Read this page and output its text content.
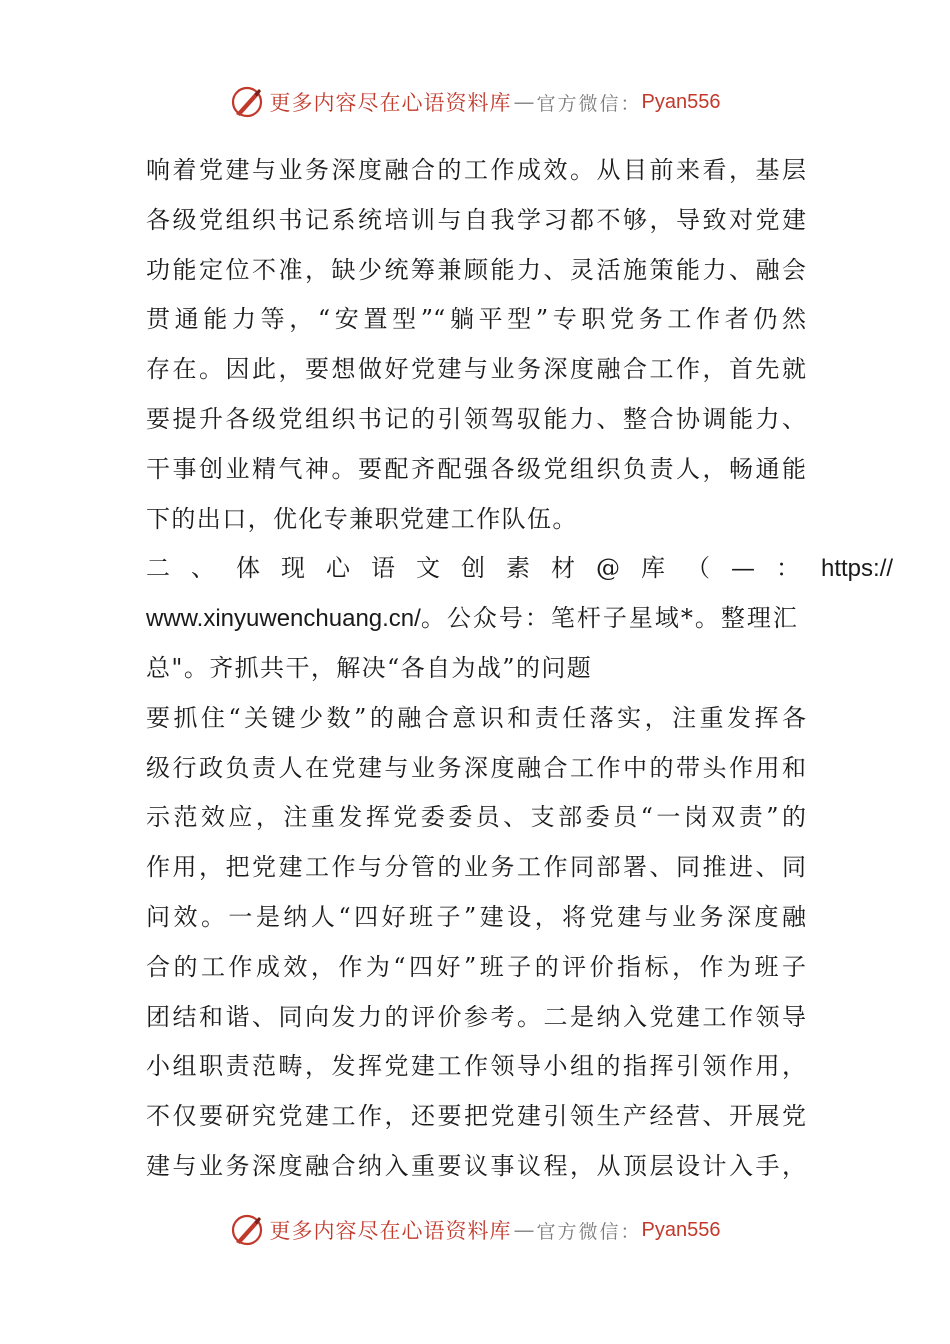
更多内容尽在心语资料库 — 官方微信： Pyan556
响着党建与业务深度融合的工作成效。从目前来看，基层
各级党组织书记系统培训与自我学习都不够，导致对党建
功能定位不准，缺少统筹兼顾能力、灵活施策能力、融会
贯通能力等，“安置型”“躺平型”专职党务工作者仍然
存在。因此，要想做好党建与业务深度融合工作，首先就
要提升各级党组织书记的引领驾驭能力、整合协调能力、
干事创业精气神。要配齐配强各级党组织负责人，畅通能
下的出口，优化专兼职党建工作队伍。
二、体现心语文创素材@库（—： https://
www.xinyuwenchuang.cn/。公众号：笔杆子星域*。整理汇
总"。齐抓共干，解决“各自为战”的问题
要抓住“关键少数”的融合意识和责任落实，注重发挥各
级行政负责人在党建与业务深度融合工作中的带头作用和
示范效应，注重发挥党委委员、支部委员“一岗双责”的
作用，把党建工作与分管的业务工作同部署、同推进、同
问效。一是纳人“四好班子”建设，将党建与业务深度融
合的工作成效，作为“四好”班子的评价指标，作为班子
团结和谐、同向发力的评价参考。二是纳入党建工作领导
小组职责范畴，发挥党建工作领导小组的指挥引领作用，
不仅要研究党建工作，还要把党建引领生产经营、开展党
建与业务深度融合纳入重要议事议程，从顶层设计入手，
更多内容尽在心语资料库 — 官方微信： Pyan556
